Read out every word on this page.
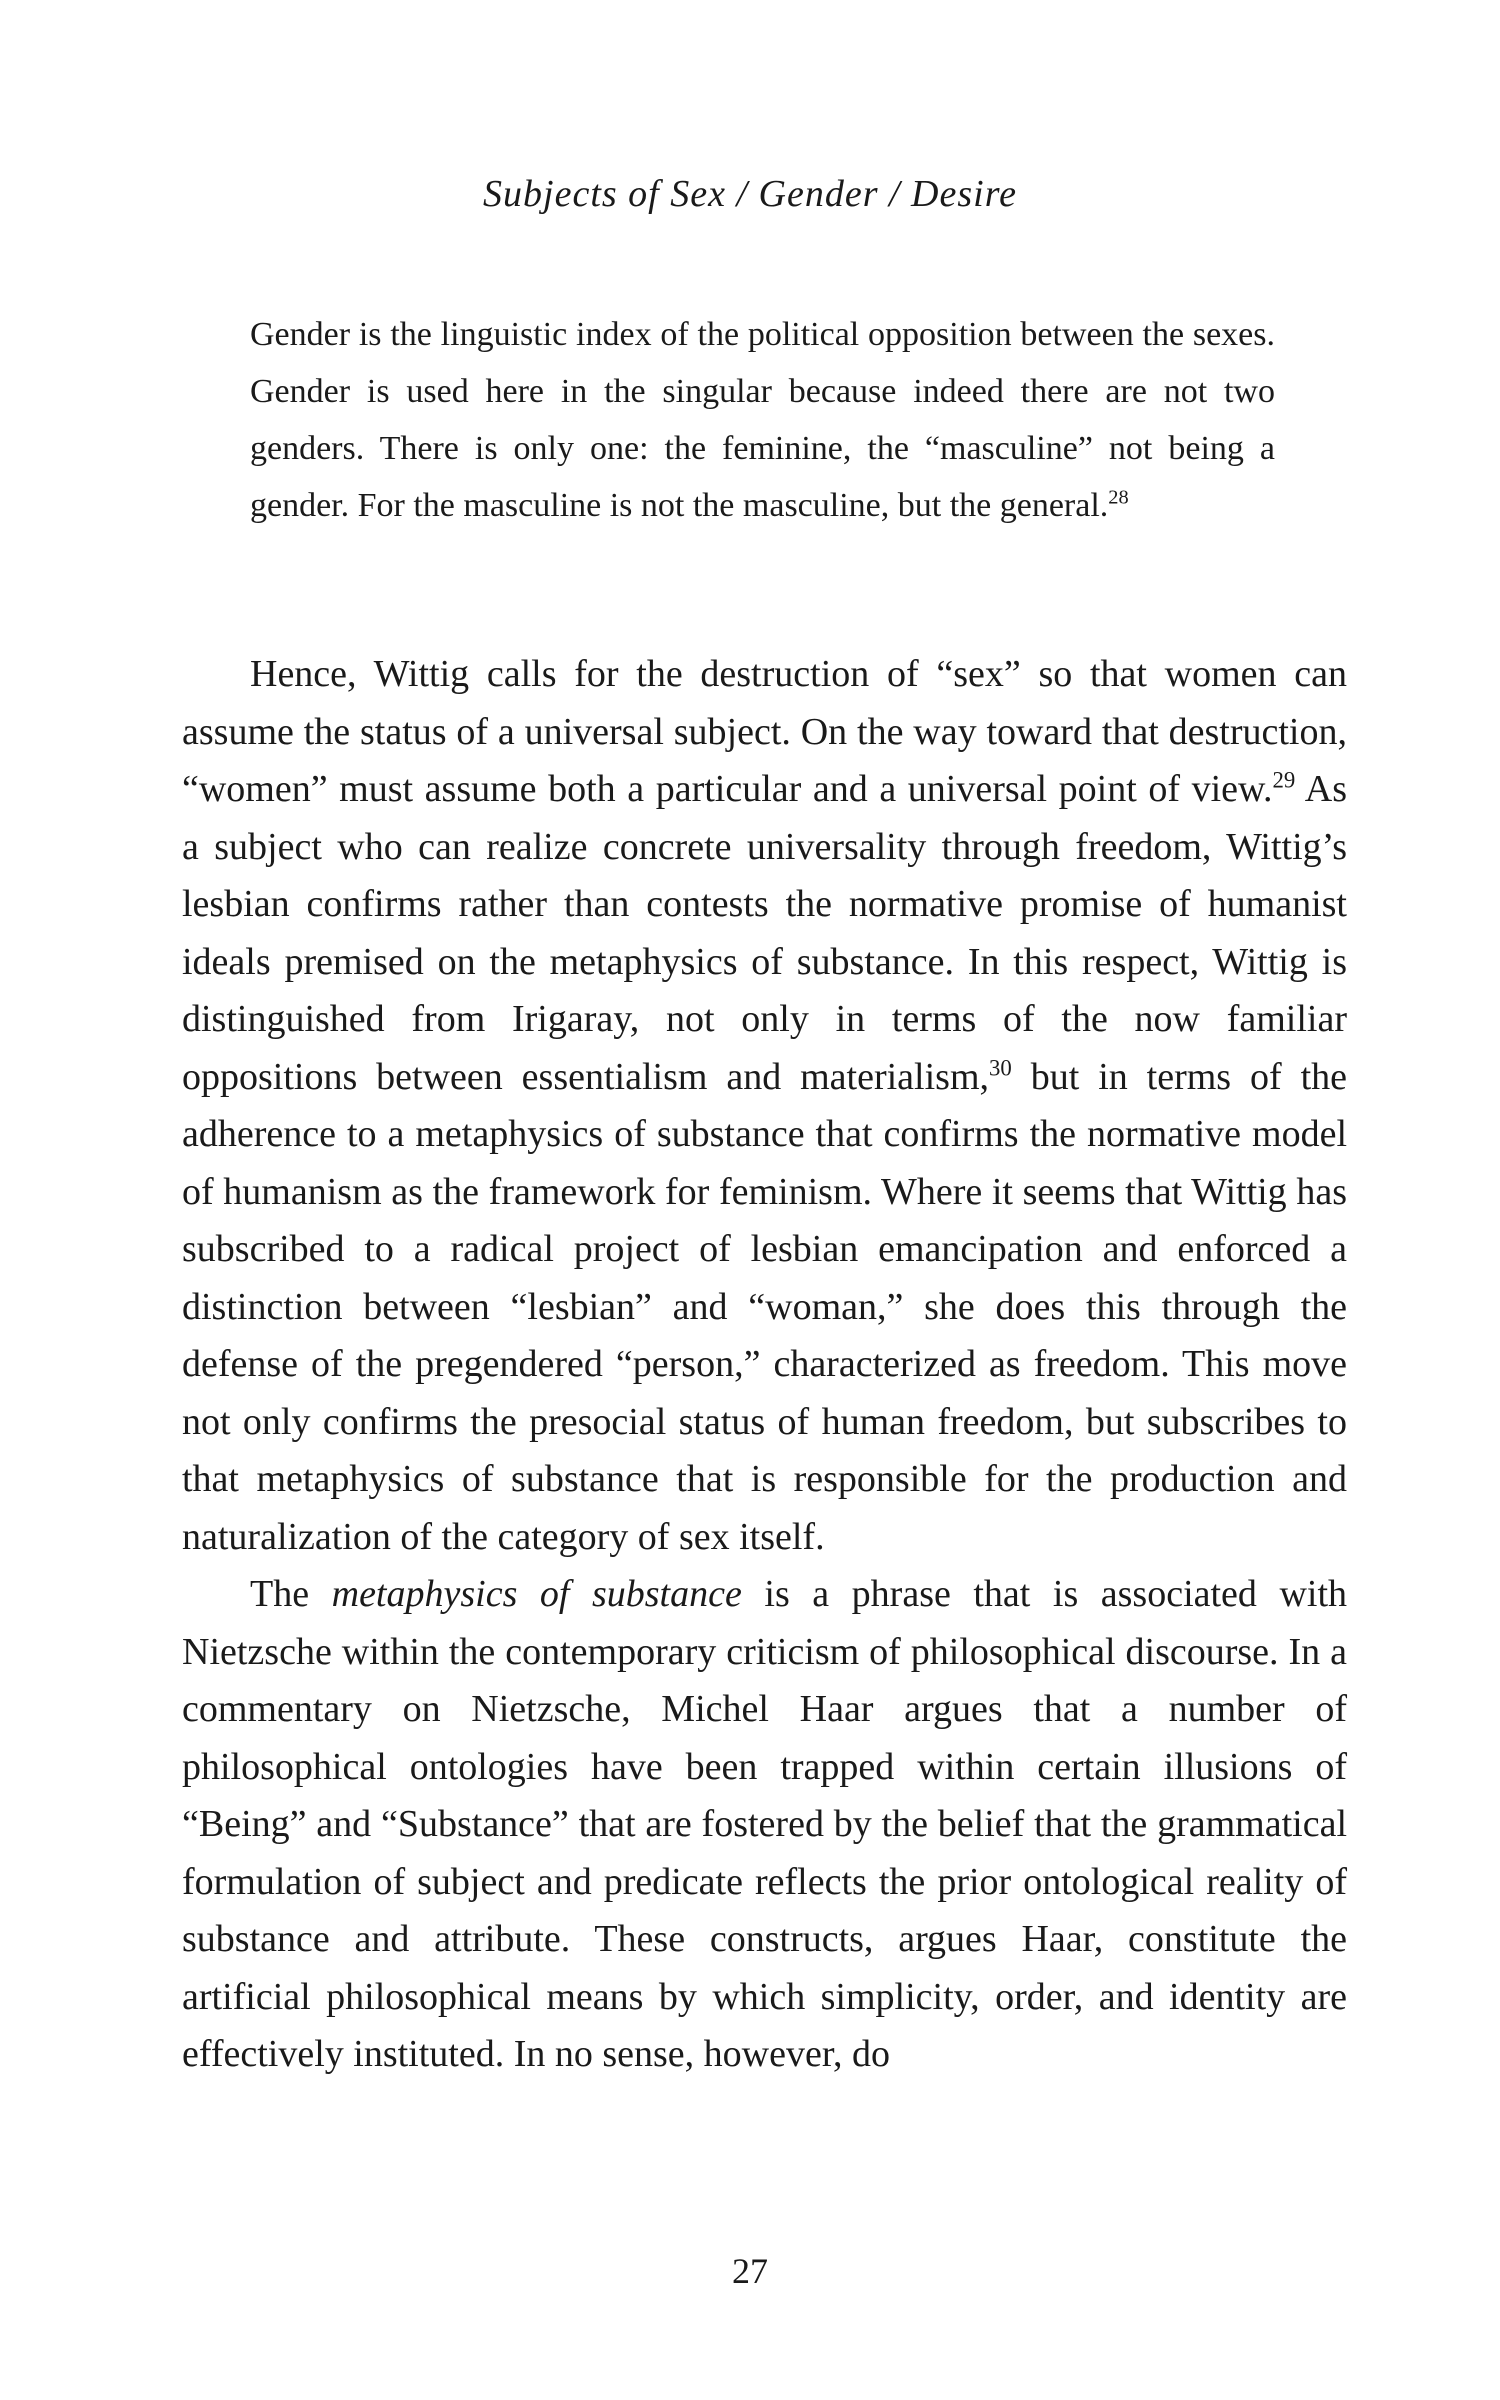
Subjects of Sex / Gender / Desire
Gender is the linguistic index of the political opposition between the sexes. Gender is used here in the singular because indeed there are not two genders. There is only one: the feminine, the “masculine” not being a gender. For the masculine is not the masculine, but the general.$^{28}$

Hence, Wittig calls for the destruction of “sex” so that women can assume the status of a universal subject. On the way toward that destruction, “women” must assume both a particular and a universal point of view.$^{29}$ As a subject who can realize concrete universality through freedom, Wittig’s lesbian confirms rather than contests the normative promise of humanist ideals premised on the metaphysics of substance. In this respect, Wittig is distinguished from Irigaray, not only in terms of the now familiar oppositions between essentialism and materialism,$^{30}$ but in terms of the adherence to a metaphysics of substance that confirms the normative model of humanism as the framework for feminism. Where it seems that Wittig has subscribed to a radical project of lesbian emancipation and enforced a distinction between “lesbian” and “woman,” she does this through the defense of the pregendered “person,” characterized as freedom. This move not only confirms the presocial status of human freedom, but subscribes to that metaphysics of substance that is responsible for the production and naturalization of the category of sex itself.

The metaphysics of substance is a phrase that is associated with Nietzsche within the contemporary criticism of philosophical discourse. In a commentary on Nietzsche, Michel Haar argues that a number of philosophical ontologies have been trapped within certain illusions of “Being” and “Substance” that are fostered by the belief that the grammatical formulation of subject and predicate reflects the prior ontological reality of substance and attribute. These constructs, argues Haar, constitute the artificial philosophical means by which simplicity, order, and identity are effectively instituted. In no sense, however, do

27
